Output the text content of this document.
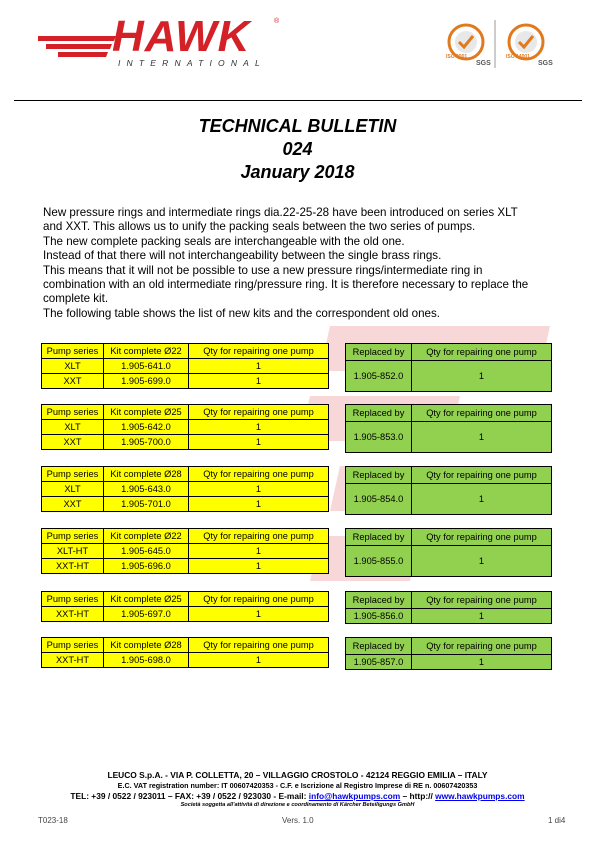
HAWK	®
INTERNATIONAL
ISO 9001	ISO 14001
SGS	SGS
TECHNICAL BULLETIN
024
January 2018
New pressure rings and intermediate rings dia.22-25-28 have been introduced on series XLT
and XXT. This allows us to unify the packing seals between the two series of pumps.
The new complete packing seals are interchangeable with the old one.
Instead of that there will not interchangeability between the single brass rings.
This means that it will not be possible to use a new pressure rings/intermediate ring in
combination with an old intermediate ring/pressure ring. It is therefore necessary to replace the
complete kit.
The following table shows the list of new kits and the correspondent old ones.
Pump series	Kit complete Ø22	Qty for repairing one pump
XLT	1.905-641.0	1
XXT	1.905-699.0	1
Replaced by	Qty for repairing one pump
1.905-852.0	1
Pump series	Kit complete Ø25	Qty for repairing one pump
XLT	1.905-642.0	1
XXT	1.905-700.0	1
Replaced by	Qty for repairing one pump
1.905-853.0	1
Pump series	Kit complete Ø28	Qty for repairing one pump
XLT	1.905-643.0	1
XXT	1.905-701.0	1
Replaced by	Qty for repairing one pump
1.905-854.0	1
Pump series	Kit complete Ø22	Qty for repairing one pump
XLT-HT	1.905-645.0	1
XXT-HT	1.905-696.0	1
Replaced by	Qty for repairing one pump
1.905-855.0	1
Pump series	Kit complete Ø25	Qty for repairing one pump
XXT-HT	1.905-697.0	1
Replaced by	Qty for repairing one pump
1.905-856.0	1
Pump series	Kit complete Ø28	Qty for repairing one pump
XXT-HT	1.905-698.0	1
Replaced by	Qty for repairing one pump
1.905-857.0	1
LEUCO S.p.A. - VIA P. COLLETTA, 20 – VILLAGGIO CROSTOLO - 42124 REGGIO EMILIA – ITALY
E.C. VAT registration number: IT 00607420353 - C.F. e Iscrizione al Registro Imprese di RE n. 00607420353
TEL: +39 / 0522 / 923011 – FAX: +39 / 0522 / 923030 - E-mail: info@hawkpumps.com – http:// www.hawkpumps.com
Società soggetta all'attività di direzione e coordinamento di Kärcher Beteiligungs GmbH
T023-18	Vers. 1.0	1 di4
